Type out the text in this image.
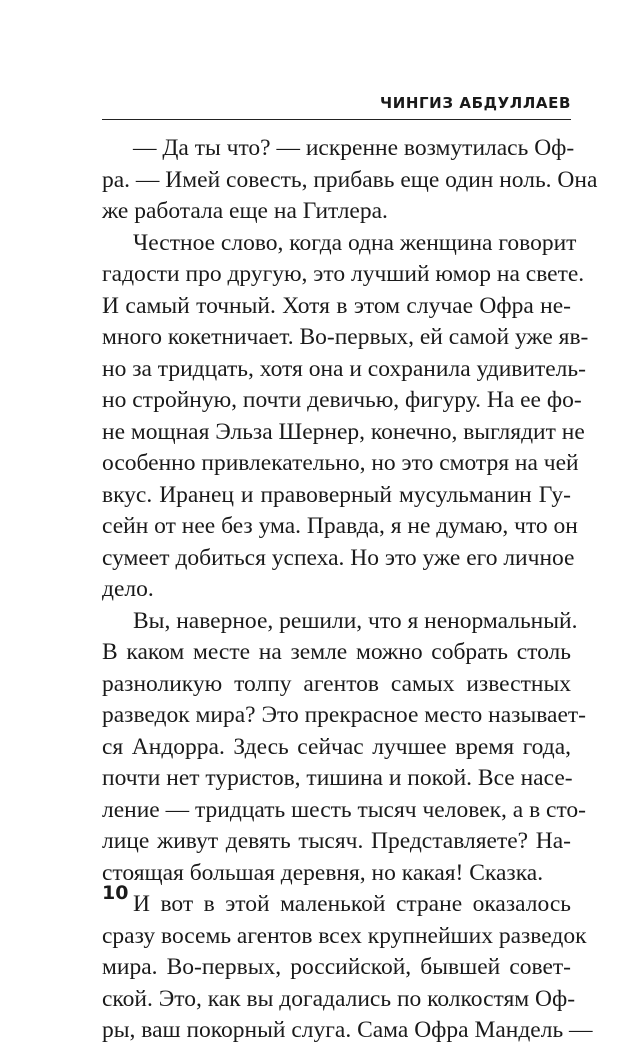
ЧИНГИЗ АБДУЛЛАЕВ
— Да ты что? — искренне возмутилась Оф-
ра. — Имей совесть, прибавь еще один ноль. Она
же работала еще на Гитлера.
Честное слово, когда одна женщина говорит
гадости про другую, это лучший юмор на свете.
И самый точный. Хотя в этом случае Офра не-
много кокетничает. Во-первых, ей самой уже яв-
но за тридцать, хотя она и сохранила удивитель-
но стройную, почти девичью, фигуру. На ее фо-
не мощная Эльза Шернер, конечно, выглядит не
особенно привлекательно, но это смотря на чей
вкус. Иранец и правоверный мусульманин Гу-
сейн от нее без ума. Правда, я не думаю, что он
сумеет добиться успеха. Но это уже его личное
дело.
Вы, наверное, решили, что я ненормальный.
В каком месте на земле можно собрать столь
разноликую толпу агентов самых известных
разведок мира? Это прекрасное место называет-
ся Андорра. Здесь сейчас лучшее время года,
почти нет туристов, тишина и покой. Все насе-
ление — тридцать шесть тысяч человек, а в сто-
лице живут девять тысяч. Представляете? На-
стоящая большая деревня, но какая! Сказка.
И вот в этой маленькой стране оказалось
сразу восемь агентов всех крупнейших разведок
мира. Во-первых, российской, бывшей совет-
ской. Это, как вы догадались по колкостям Оф-
ры, ваш покорный слуга. Сама Офра Мандель —
10
